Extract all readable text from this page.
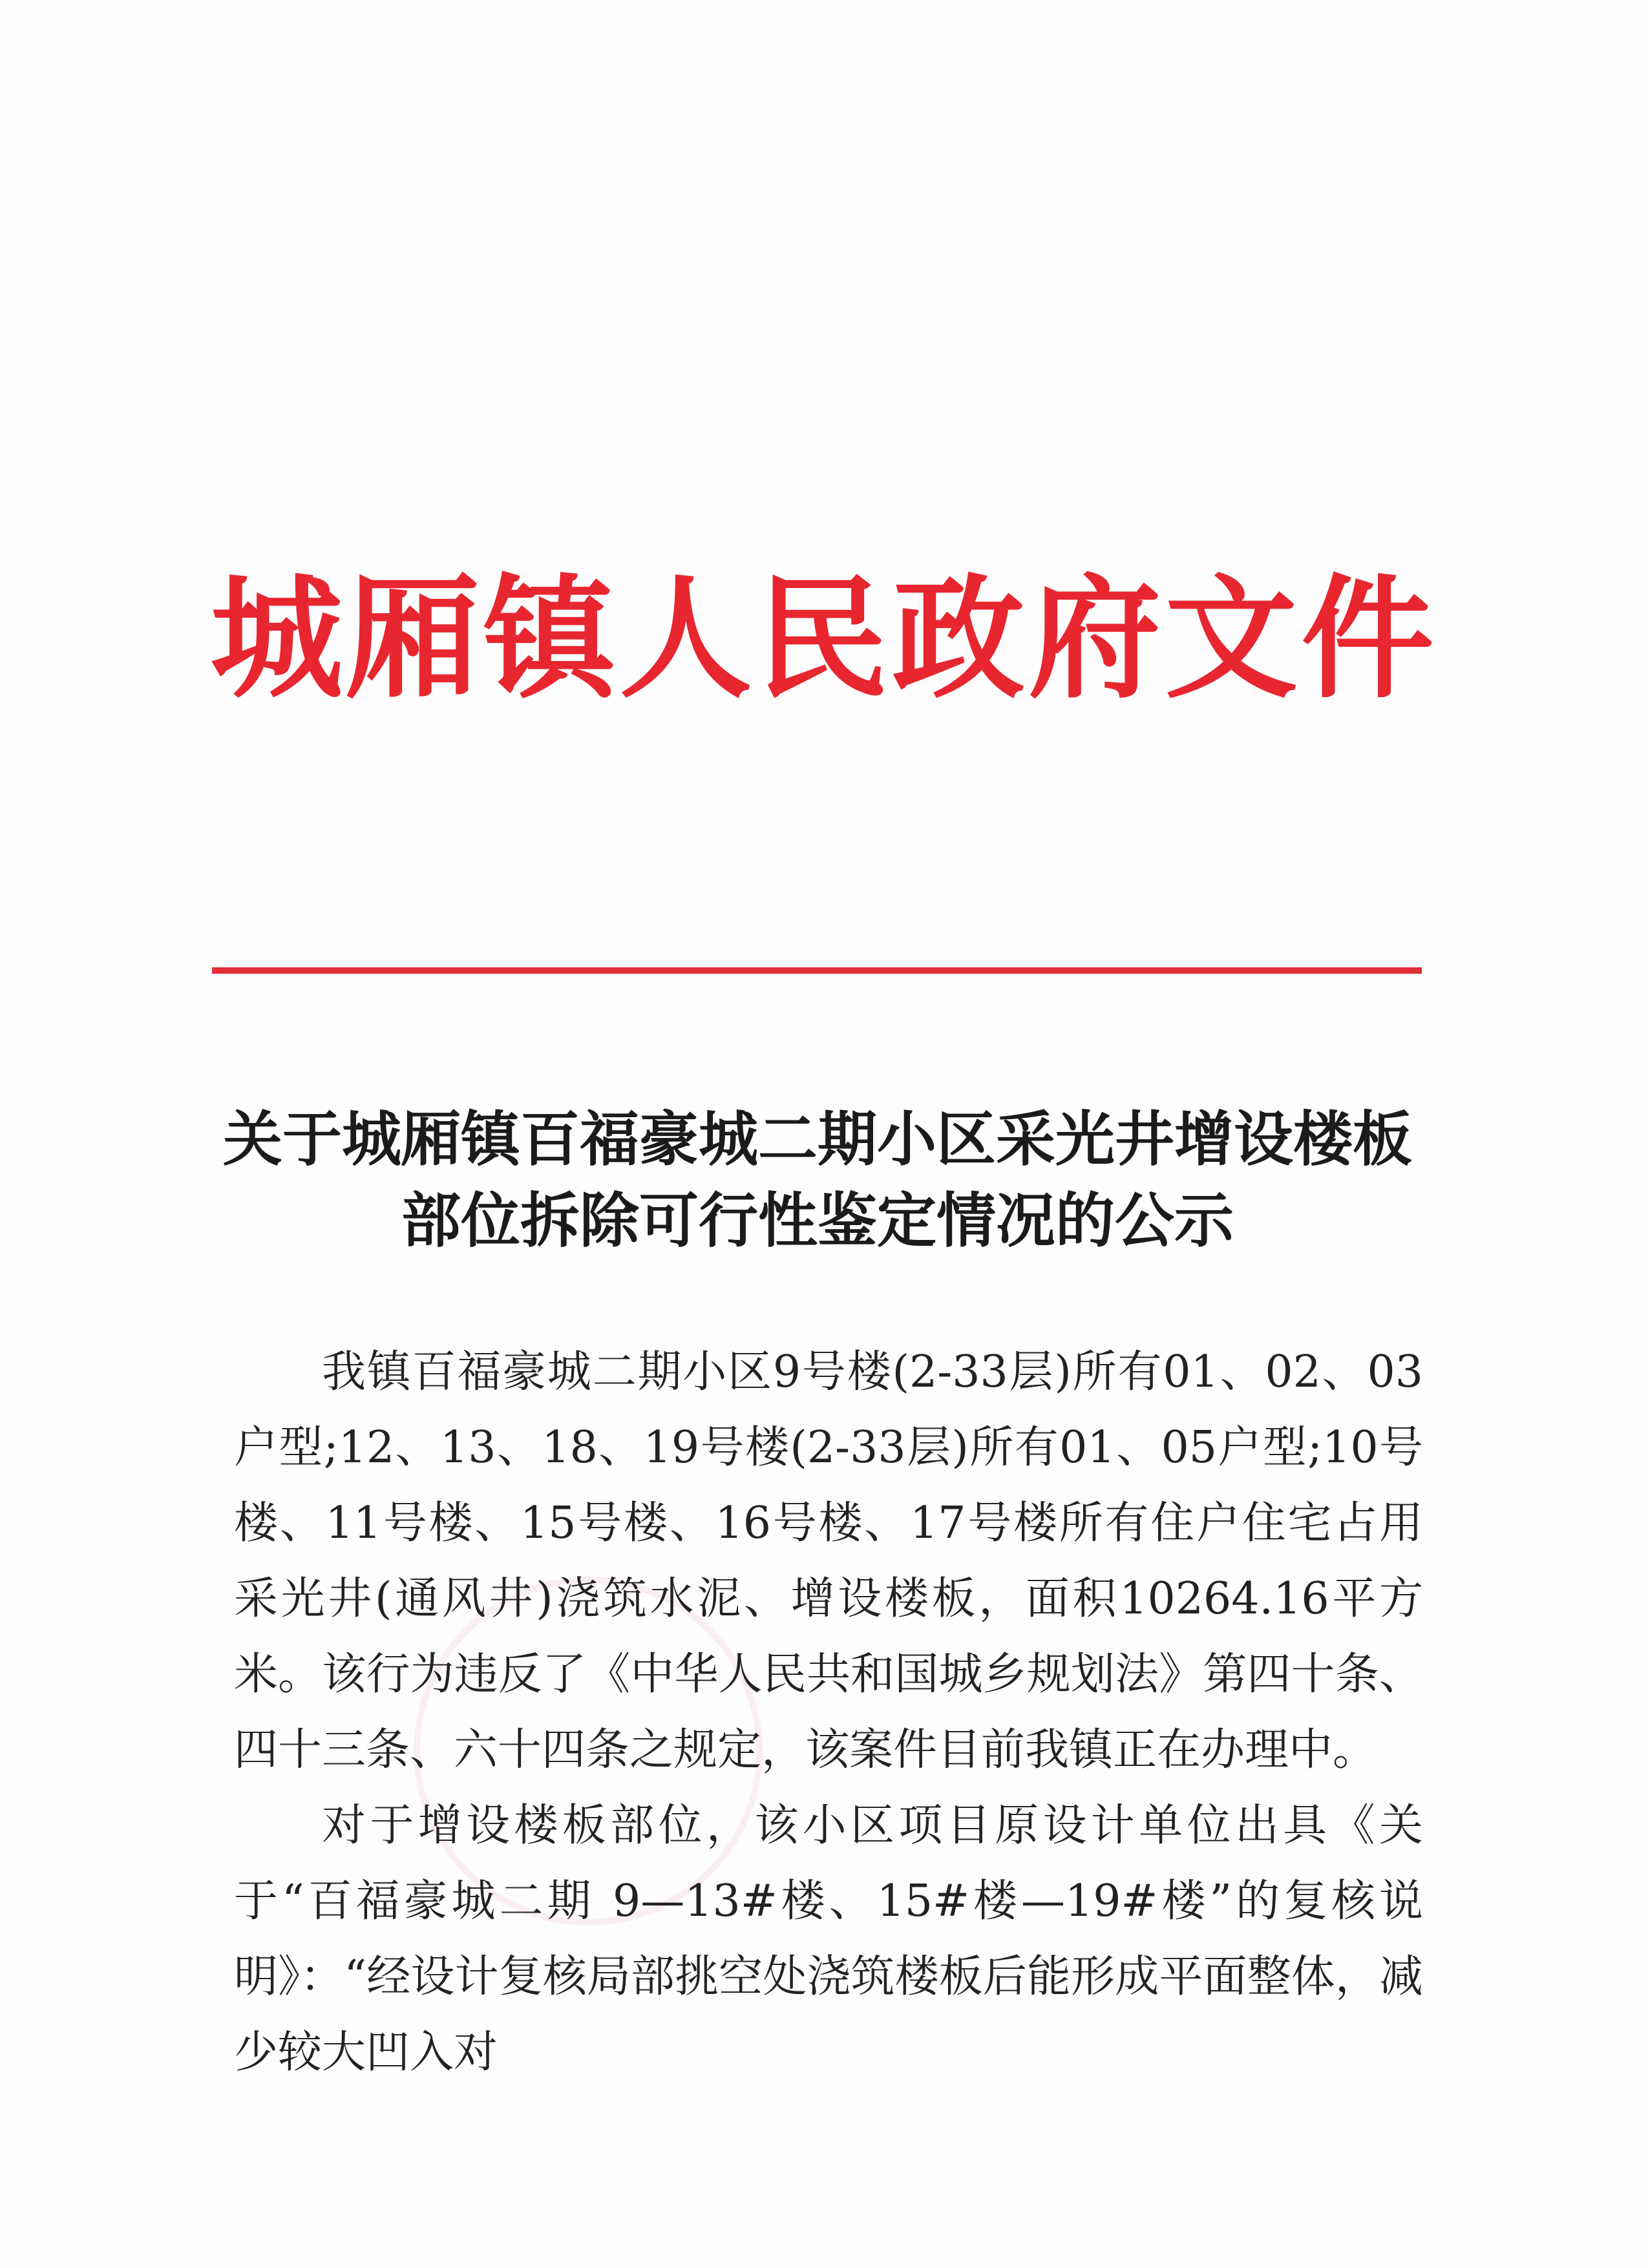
城厢镇人民政府文件
关于城厢镇百福豪城二期小区采光井增设楼板
部位拆除可行性鉴定情况的公示

我镇百福豪城二期小区9号楼(2-33层)所有01、02、03户型;12、13、18、19号楼(2-33层)所有01、05户型;10号楼、11号楼、15号楼、16号楼、17号楼所有住户住宅占用采光井(通风井)浇筑水泥、增设楼板，面积10264.16平方米。该行为违反了《中华人民共和国城乡规划法》第四十条、四十三条、六十四条之规定，该案件目前我镇正在办理中。

对于增设楼板部位，该小区项目原设计单位出具《关于“百福豪城二期 9—13#楼、15#楼—19#楼”的复核说明》：“经设计复核局部挑空处浇筑楼板后能形成平面整体，减少较大凹入对
